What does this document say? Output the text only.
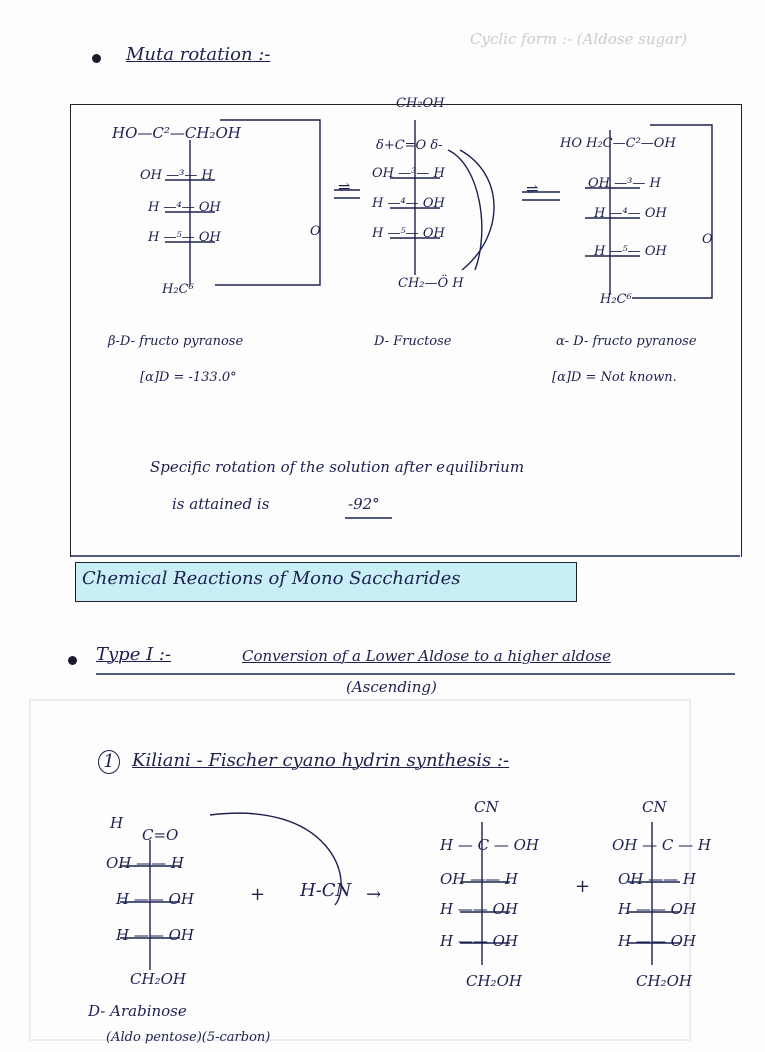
Cyclic form :- (Aldose sugar)
Muta rotation :-
HO—C²—CH₂OH
OH —³— H
H —⁴— OH
H —⁵— OH
H₂C⁶
O
β-D- fructo pyranose
[α]D = -133.0°
⇌
CH₂OH
δ+C=O δ-
OH —³— H
H —⁴— OH
H —⁵— OH
CH₂—Ö H
D- Fructose
⇌
HO H₂C—C²—OH
OH —³— H
H —⁴— OH
H —⁵— OH
H₂C⁶
O
α- D- fructo pyranose
[α]D = Not known.
Specific rotation of the solution after equilibrium
is attained is	-92°
Chemical Reactions of Mono Saccharides
Type I :-	Conversion of a Lower Aldose to a higher aldose
(Ascending)
1 Kiliani - Fischer cyano hydrin synthesis :-
H
C=O
OH —— H
H —— OH
H —— OH
CH₂OH
D- Arabinose
(Aldo pentose)(5-carbon)
+ H-CN →
CN
H — C — OH
OH —— H
H —— OH
H —— OH
CH₂OH
+
CN
OH — C — H
OH —— H
H —— OH
H —— OH
CH₂OH
